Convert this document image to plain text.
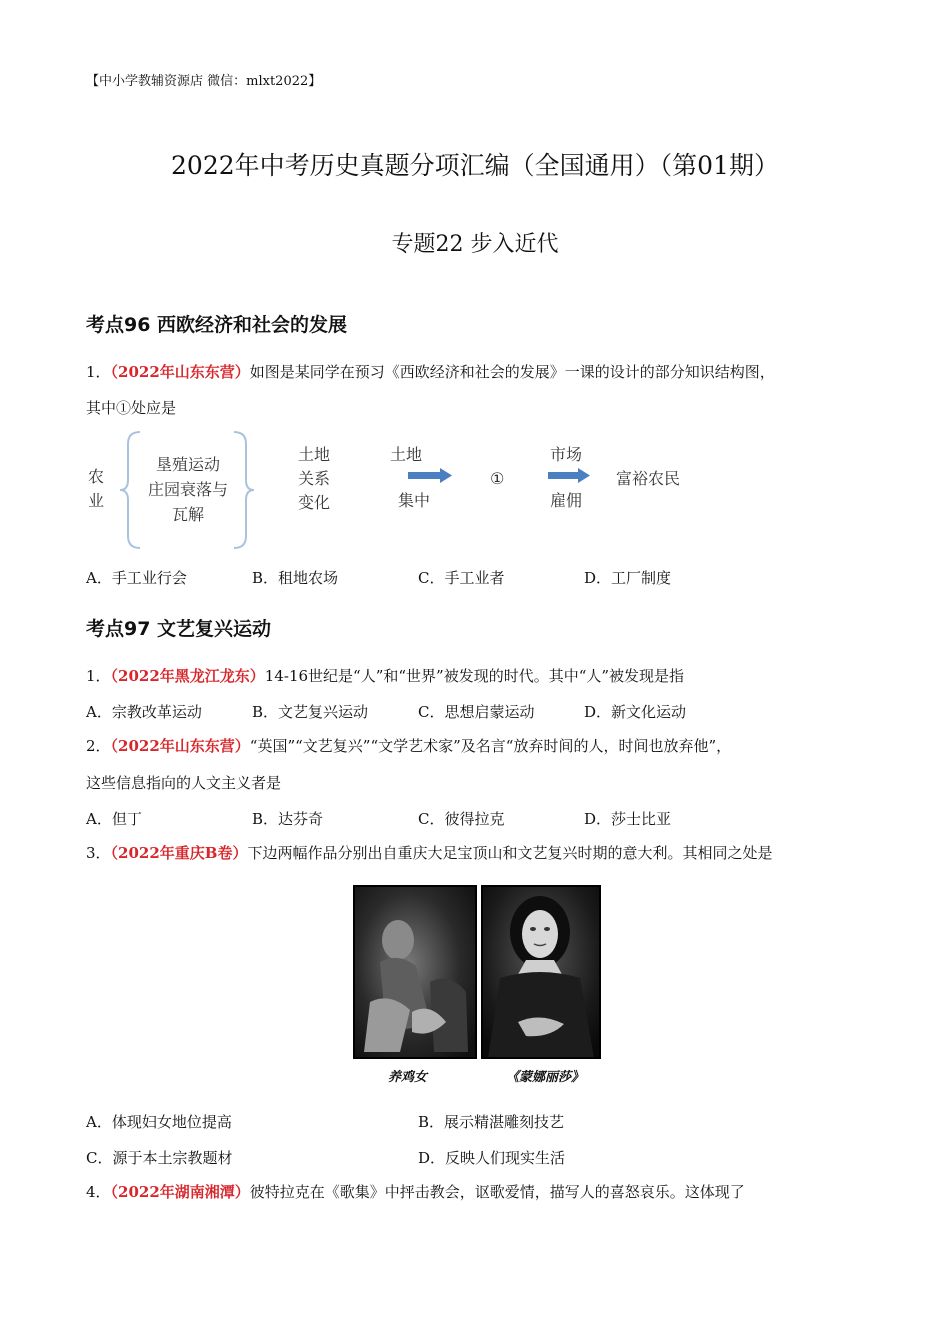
【中小学教辅资源店 微信：mlxt2022】
2022年中考历史真题分项汇编（全国通用）（第01期）
专题22 步入近代
考点96 西欧经济和社会的发展
1．（2022年山东东营）如图是某同学在预习《西欧经济和社会的发展》一课的设计的部分知识结构图，
其中①处应是
农
业
垦殖运动
庄园衰落与
瓦解
土地
关系
变化
土地
集中
①
市场
雇佣
富裕农民
A．手工业行会	B．租地农场	C．手工业者	D．工厂制度
考点97 文艺复兴运动
1．（2022年黑龙江龙东）14-16世纪是“人”和“世界”被发现的时代。其中“人”被发现是指
A．宗教改革运动	B．文艺复兴运动	C．思想启蒙运动	D．新文化运动
2．（2022年山东东营）“英国”“文艺复兴”“文学艺术家”及名言“放弃时间的人，时间也放弃他”，
这些信息指向的人文主义者是
A．但丁	B．达芬奇	C．彼得拉克	D．莎士比亚
3．（2022年重庆B卷）下边两幅作品分别出自重庆大足宝顶山和文艺复兴时期的意大利。其相同之处是
养鸡女	《蒙娜丽莎》
A．体现妇女地位提高	B．展示精湛雕刻技艺
C．源于本土宗教题材	D．反映人们现实生活
4．（2022年湖南湘潭）彼特拉克在《歌集》中抨击教会，讴歌爱情，描写人的喜怒哀乐。这体现了
